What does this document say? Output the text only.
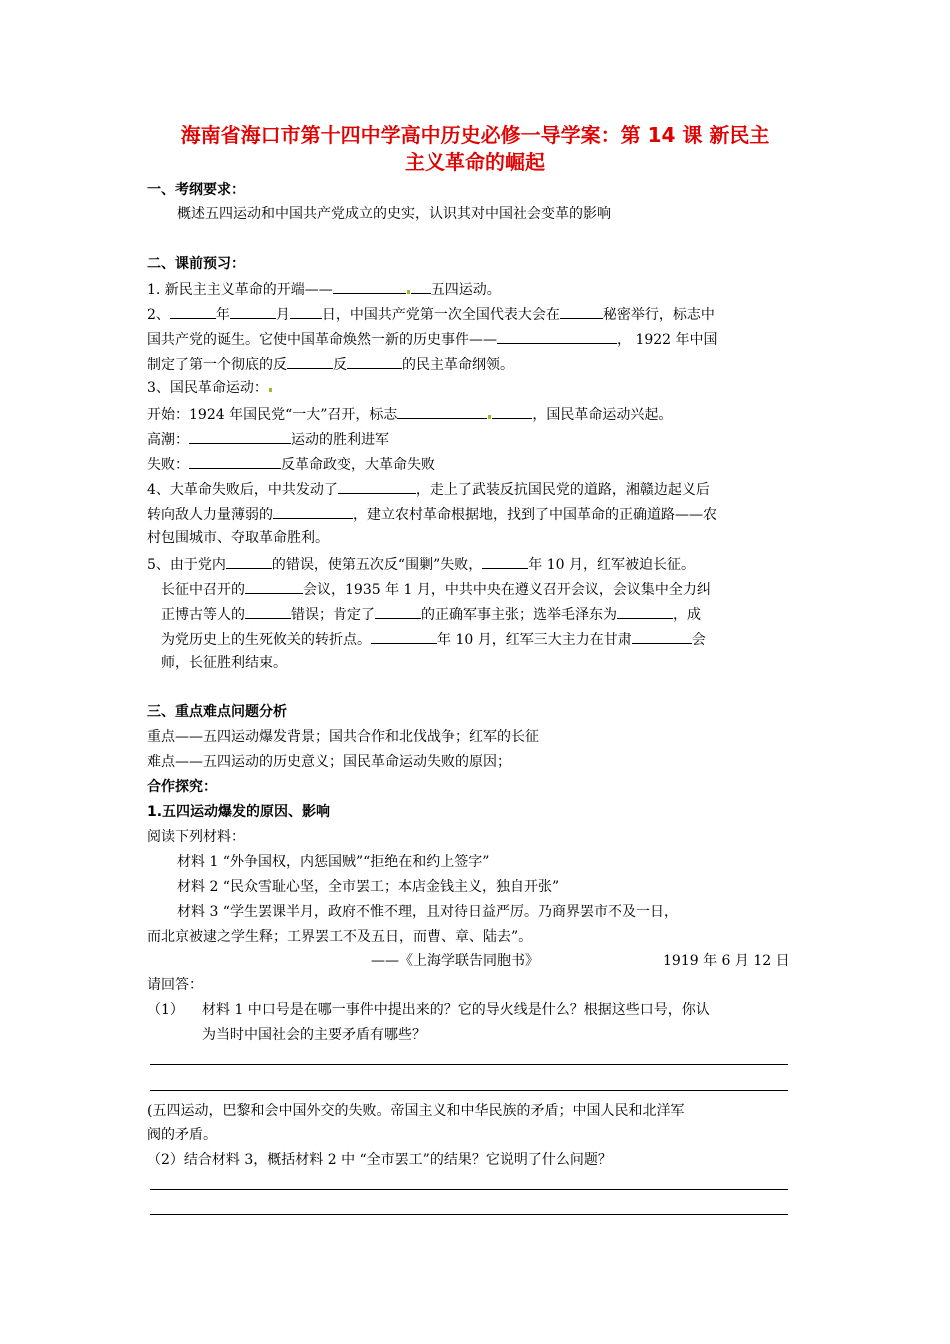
海南省海口市第十四中学高中历史必修一导学案：第 14 课 新民主
主义革命的崛起
一、考纲要求：
概述五四运动和中国共产党成立的史实，认识其对中国社会变革的影响
二、课前预习：
1. 新民主主义革命的开端——	五四运动。
2、	年	月 日，中国共产党第一次全国代表大会在	秘密举行，标志中
国共产党的诞生。它使中国革命焕然一新的历史事件——	， 1922 年中国
制定了第一个彻底的反	反	的民主革命纲领。
3、国民革命运动：
开始：1924 年国民党“一大”召开，标志	，国民革命运动兴起。
高潮：	运动的胜利进军
失败：	反革命政变，大革命失败
4、大革命失败后，中共发动了	，走上了武装反抗国民党的道路，湘赣边起义后
转向敌人力量薄弱的	，建立农村革命根据地，找到了中国革命的正确道路——农
村包围城市、夺取革命胜利。
5、由于党内	的错误，使第五次反“围剿”失败，	年 10 月，红军被迫长征。
长征中召开的	会议，1935 年 1 月，中共中央在遵义召开会议，会议集中全力纠
正博古等人的	错误；肯定了	的正确军事主张；选举毛泽东为	，成
为党历史上的生死攸关的转折点。	年 10 月，红军三大主力在甘肃	会
师，长征胜利结束。
三、重点难点问题分析
重点——五四运动爆发背景；国共合作和北伐战争；红军的长征
难点——五四运动的历史意义；国民革命运动失败的原因；
合作探究：
1.五四运动爆发的原因、影响
阅读下列材料：
材料 1 “外争国权，内惩国贼”“拒绝在和约上签字”
材料 2 “民众雪耻心坚，全市罢工；本店金钱主义，独自开张”
材料 3 “学生罢课半月，政府不惟不理，且对待日益严厉。乃商界罢市不及一日，
而北京被逮之学生释；工界罢工不及五日，而曹、章、陆去”。
——《上海学联告同胞书》	1919 年 6 月 12 日
请回答：
（1） 材料 1 中口号是在哪一事件中提出来的？它的导火线是什么？根据这些口号，你认
为当时中国社会的主要矛盾有哪些？
(五四运动，巴黎和会中国外交的失败。帝国主义和中华民族的矛盾；中国人民和北洋军
阀的矛盾。
（2）结合材料 3，概括材料 2 中 “全市罢工”的结果？它说明了什么问题？
